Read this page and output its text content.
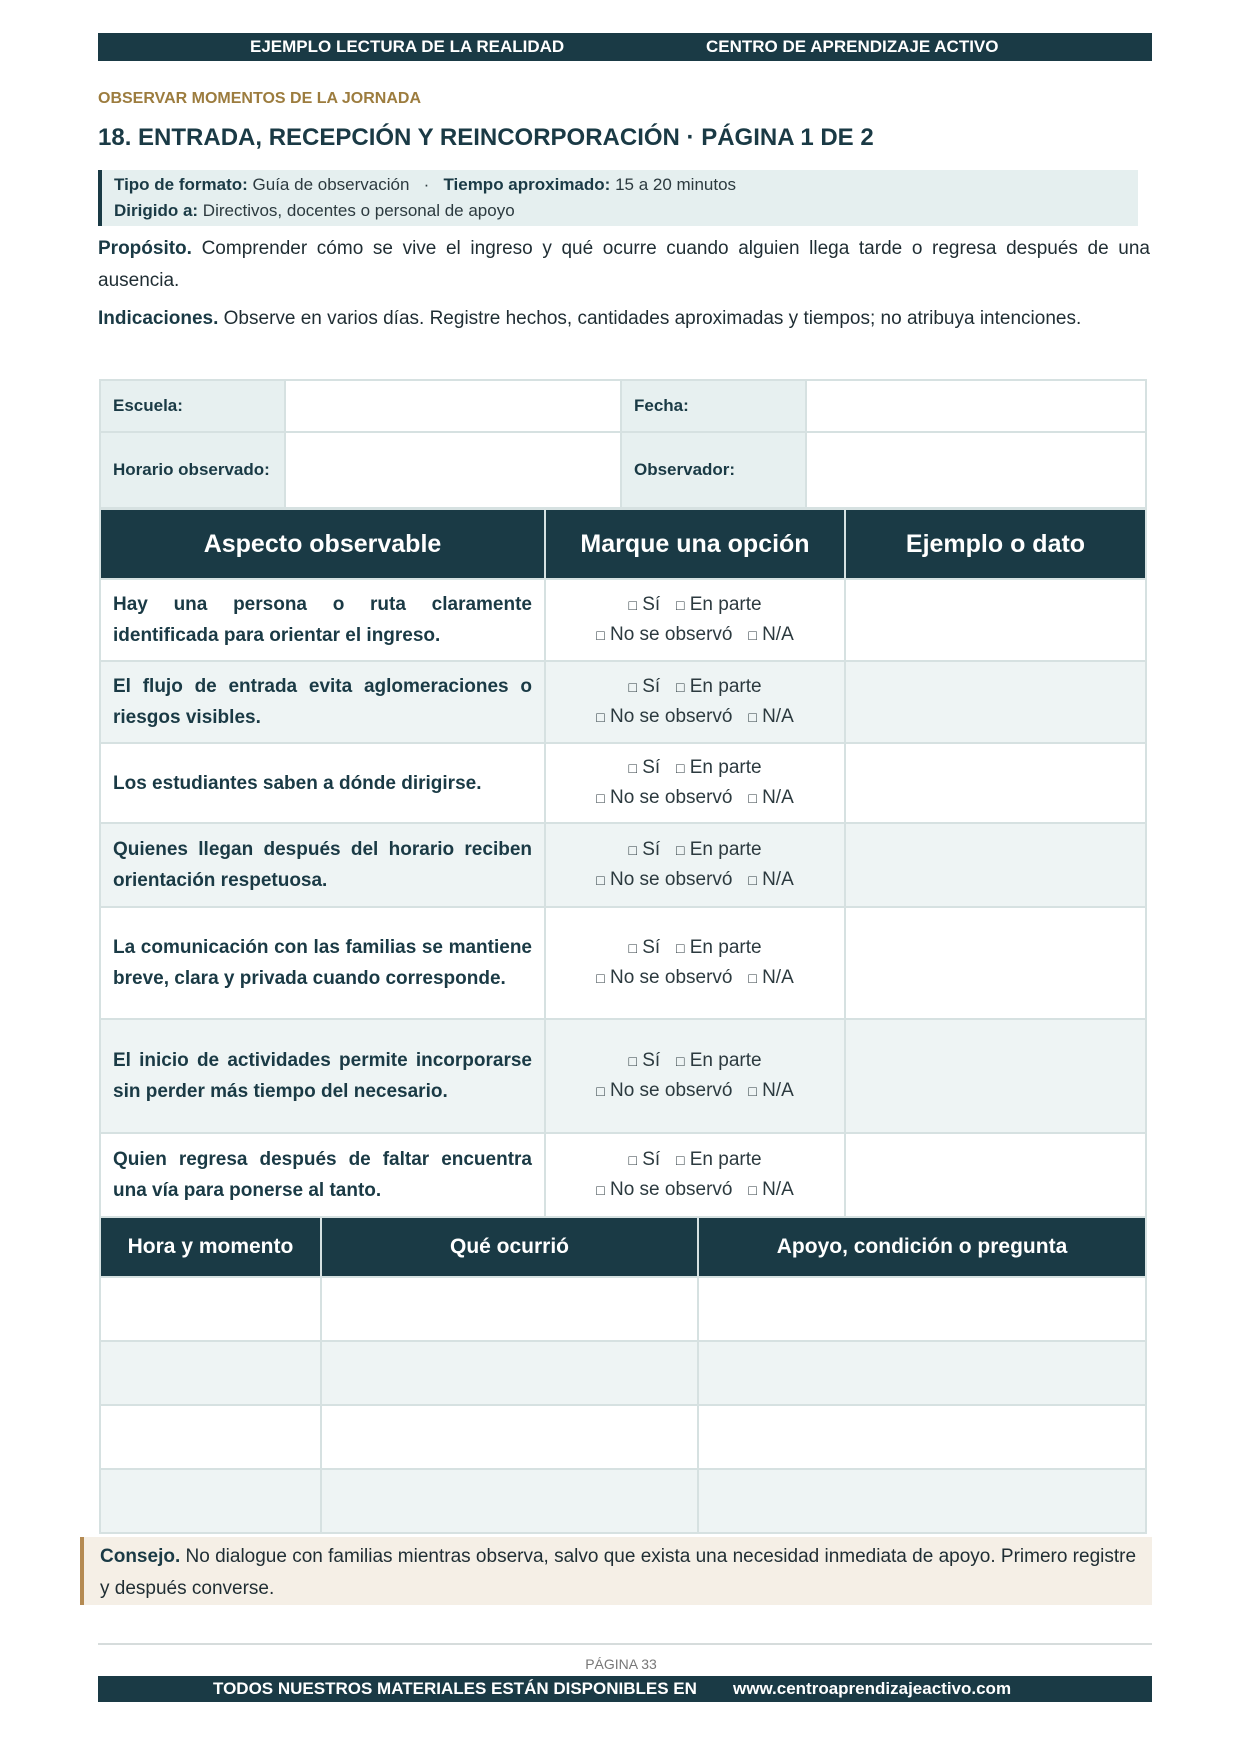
EJEMPLO LECTURA DE LA REALIDAD	CENTRO DE APRENDIZAJE ACTIVO
OBSERVAR MOMENTOS DE LA JORNADA
18. ENTRADA, RECEPCIÓN Y REINCORPORACIÓN · PÁGINA 1 DE 2
Tipo de formato: Guía de observación · Tiempo aproximado: 15 a 20 minutos
Dirigido a: Directivos, docentes o personal de apoyo
Propósito. Comprender cómo se vive el ingreso y qué ocurre cuando alguien llega tarde o regresa después de una ausencia.
Indicaciones. Observe en varios días. Registre hechos, cantidades aproximadas y tiempos; no atribuya intenciones.
Escuela:		Fecha:	
Horario observado:		Observador:	
Aspecto observable	Marque una opción	Ejemplo o dato
Hay una persona o ruta claramente identificada para orientar el ingreso.	□ Sí □ En parte
□ No se observó □ N/A	

El flujo de entrada evita aglomeraciones o riesgos visibles.	□ Sí □ En parte
□ No se observó □ N/A	

Los estudiantes saben a dónde dirigirse.	□ Sí □ En parte
□ No se observó □ N/A	

Quienes llegan después del horario reciben orientación respetuosa.	□ Sí □ En parte
□ No se observó □ N/A	

La comunicación con las familias se mantiene breve, clara y privada cuando corresponde.	□ Sí □ En parte
□ No se observó □ N/A	

El inicio de actividades permite incorporarse sin perder más tiempo del necesario.	□ Sí □ En parte
□ No se observó □ N/A	

Quien regresa después de faltar encuentra una vía para ponerse al tanto.	□ Sí □ En parte
□ No se observó □ N/A	

Hora y momento	Qué ocurrió	Apoyo, condición o pregunta

Consejo. No dialogue con familias mientras observa, salvo que exista una necesidad inmediata de apoyo. Primero registre y después converse.
PÁGINA 33
TODOS NUESTROS MATERIALES ESTÁN DISPONIBLES EN www.centroaprendizajeactivo.com
